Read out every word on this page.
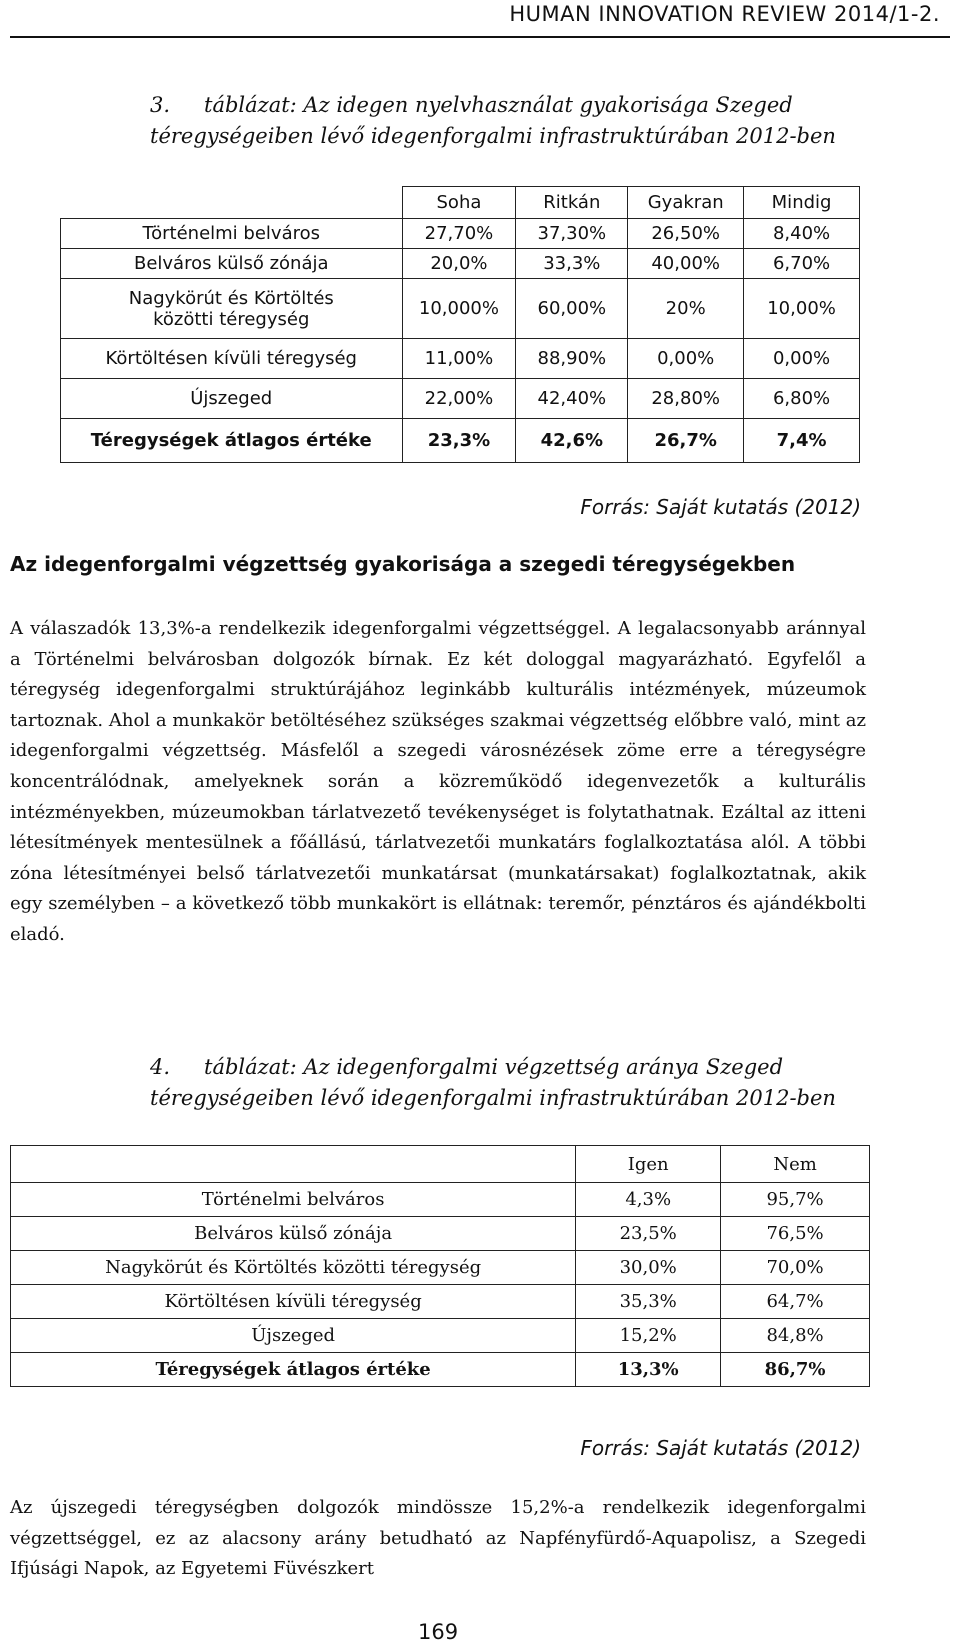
HUMAN INNOVATION REVIEW 2014/1-2.
3. táblázat: Az idegen nyelvhasználat gyakorisága Szeged
téregységeiben lévő idegenforgalmi infrastruktúrában 2012-ben
	Soha	Ritkán	Gyakran	Mindig
Történelmi belváros	27,70%	37,30%	26,50%	8,40%
Belváros külső zónája	20,0%	33,3%	40,00%	6,70%
Nagykörút és Körtöltés közötti téregység	10,000%	60,00%	20%	10,00%
Körtöltésen kívüli téregység	11,00%	88,90%	0,00%	0,00%
Újszeged	22,00%	42,40%	28,80%	6,80%
Téregységek átlagos értéke	23,3%	42,6%	26,7%	7,4%
Forrás: Saját kutatás (2012)
Az idegenforgalmi végzettség gyakorisága a szegedi téregységekben
A válaszadók 13,3%-a rendelkezik idegenforgalmi végzettséggel. A legalacsonyabb aránnyal a Történelmi belvárosban dolgozók bírnak. Ez két dologgal magyarázható. Egyfelől a téregység idegenforgalmi struktúrájához leginkább kulturális intézmények, múzeumok tartoznak. Ahol a munkakör betöltéséhez szükséges szakmai végzettség előbbre való, mint az idegenforgalmi végzettség. Másfelől a szegedi városnézések zöme erre a téregységre koncentrálódnak, amelyeknek során a közreműködő idegenvezetők a kulturális intézményekben, múzeumokban tárlatvezető tevékenységet is folytathatnak. Ezáltal az itteni létesítmények mentesülnek a főállású, tárlatvezetői munkatárs foglalkoztatása alól. A többi zóna létesítményei belső tárlatvezetői munkatársat (munkatársakat) foglalkoztatnak, akik egy személyben – a következő több munkakört is ellátnak: teremőr, pénztáros és ajándékbolti eladó.
4. táblázat: Az idegenforgalmi végzettség aránya Szeged
téregységeiben lévő idegenforgalmi infrastruktúrában 2012-ben
	Igen	Nem
Történelmi belváros	4,3%	95,7%
Belváros külső zónája	23,5%	76,5%
Nagykörút és Körtöltés közötti téregység	30,0%	70,0%
Körtöltésen kívüli téregység	35,3%	64,7%
Újszeged	15,2%	84,8%
Téregységek átlagos értéke	13,3%	86,7%
Forrás: Saját kutatás (2012)
Az újszegedi téregységben dolgozók mindössze 15,2%-a rendelkezik idegenforgalmi végzettséggel, ez az alacsony arány betudható az Napfényfürdő-Aquapolisz, a Szegedi Ifjúsági Napok, az Egyetemi Füvészkert
169
